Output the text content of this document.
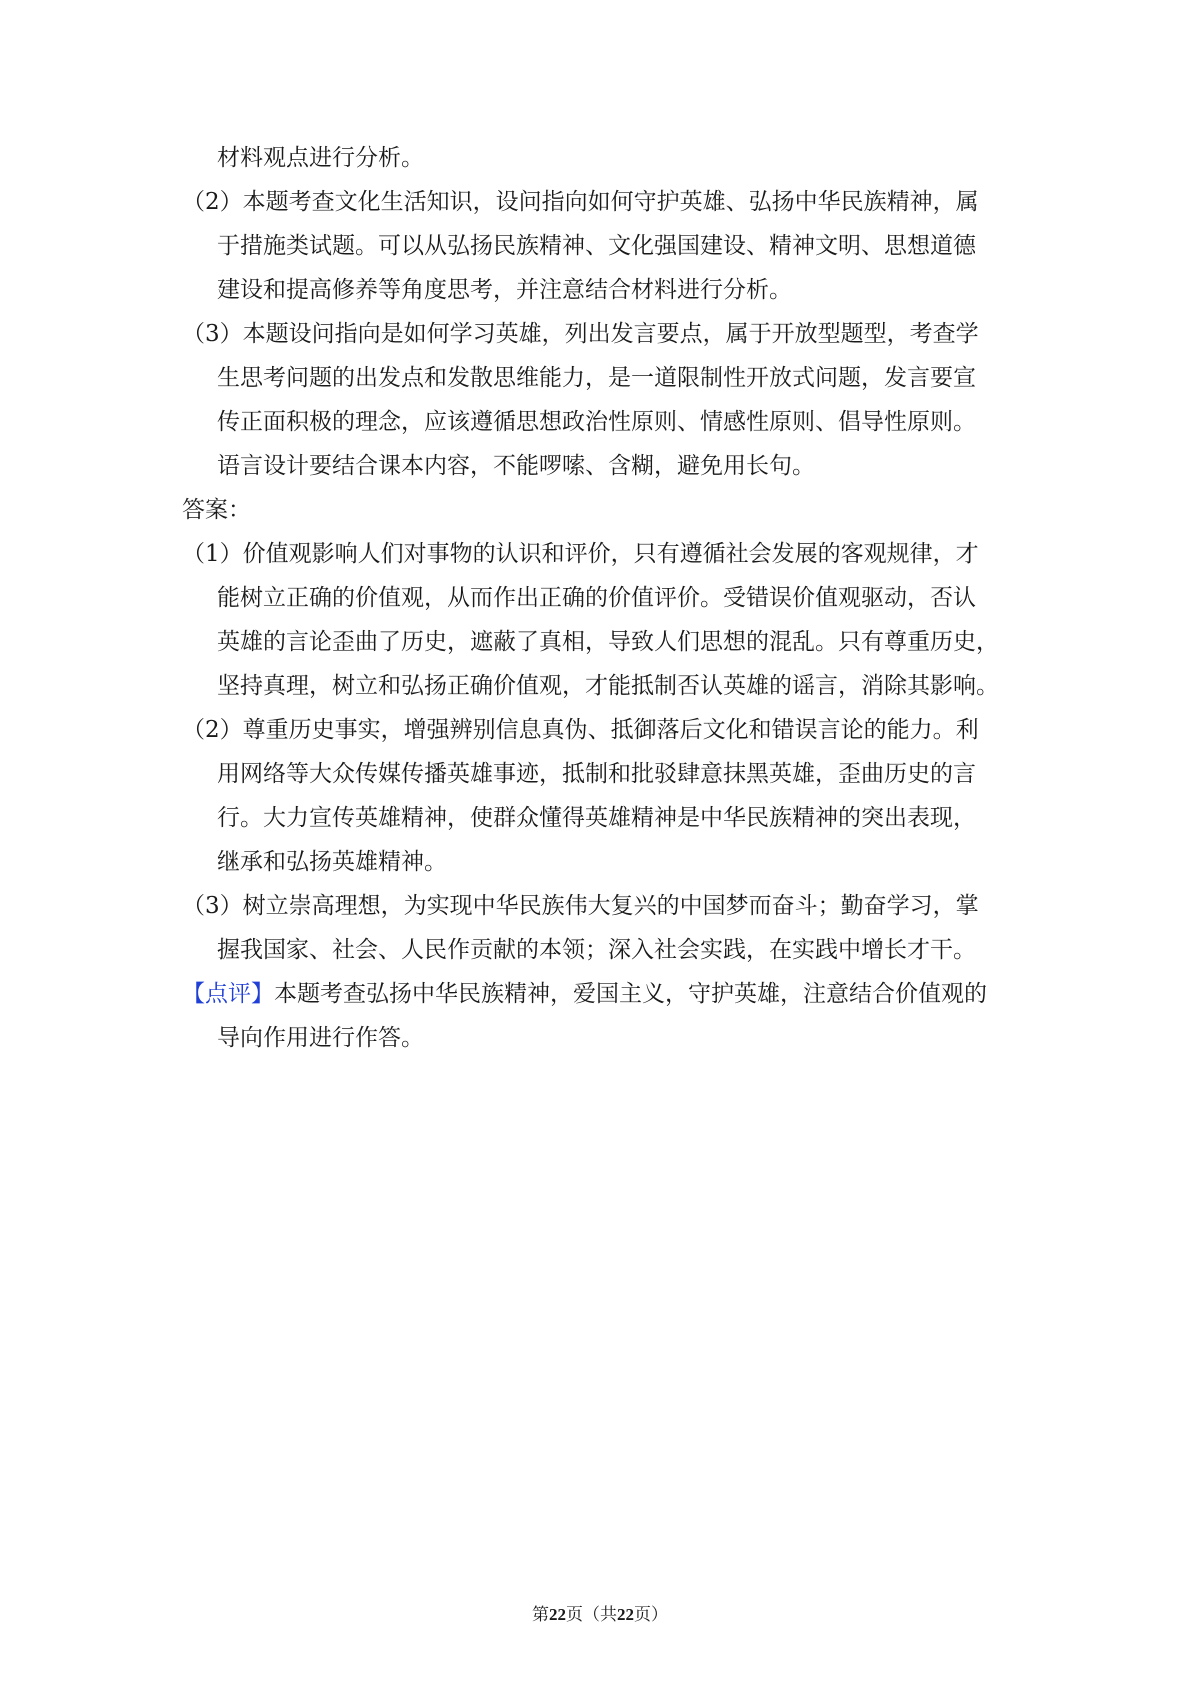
材料观点进行分析。
（2）本题考查文化生活知识，设问指向如何守护英雄、弘扬中华民族精神，属
于措施类试题。可以从弘扬民族精神、文化强国建设、精神文明、思想道德
建设和提高修养等角度思考，并注意结合材料进行分析。
（3）本题设问指向是如何学习英雄，列出发言要点，属于开放型题型，考查学
生思考问题的出发点和发散思维能力，是一道限制性开放式问题，发言要宣
传正面积极的理念，应该遵循思想政治性原则、情感性原则、倡导性原则。
语言设计要结合课本内容，不能啰嗦、含糊，避免用长句。
答案：
（1）价值观影响人们对事物的认识和评价，只有遵循社会发展的客观规律，才
能树立正确的价值观，从而作出正确的价值评价。受错误价值观驱动，否认
英雄的言论歪曲了历史，遮蔽了真相，导致人们思想的混乱。只有尊重历史，
坚持真理，树立和弘扬正确价值观，才能抵制否认英雄的谣言，消除其影响。
（2）尊重历史事实，增强辨别信息真伪、抵御落后文化和错误言论的能力。利
用网络等大众传媒传播英雄事迹，抵制和批驳肆意抹黑英雄，歪曲历史的言
行。大力宣传英雄精神，使群众懂得英雄精神是中华民族精神的突出表现，
继承和弘扬英雄精神。
（3）树立崇高理想，为实现中华民族伟大复兴的中国梦而奋斗；勤奋学习，掌
握我国家、社会、人民作贡献的本领；深入社会实践，在实践中增长才干。
【点评】本题考查弘扬中华民族精神，爱国主义，守护英雄，注意结合价值观的
导向作用进行作答。
第22页（共22页）
